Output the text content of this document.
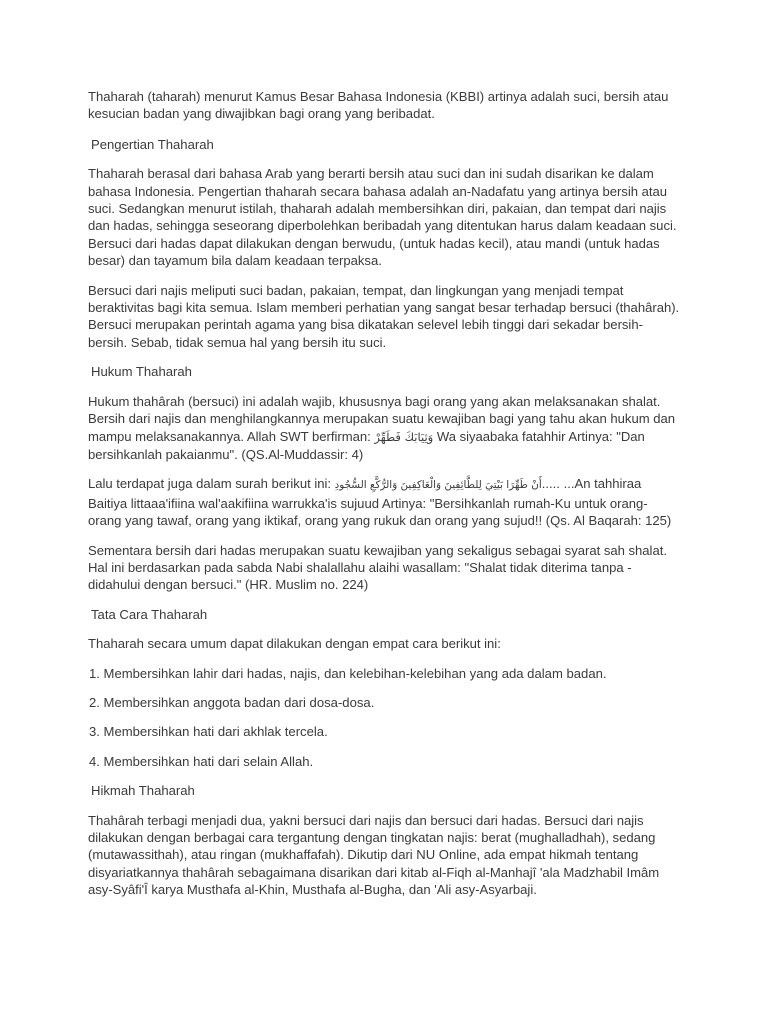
Thaharah (taharah) menurut Kamus Besar Bahasa Indonesia (KBBI) artinya adalah suci, bersih atau kesucian badan yang diwajibkan bagi orang yang beribadat.

Pengertian Thaharah

Thaharah berasal dari bahasa Arab yang berarti bersih atau suci dan ini sudah disarikan ke dalam bahasa Indonesia. Pengertian thaharah secara bahasa adalah an-Nadafatu yang artinya bersih atau suci. Sedangkan menurut istilah, thaharah adalah membersihkan diri, pakaian, dan tempat dari najis dan hadas, sehingga seseorang diperbolehkan beribadah yang ditentukan harus dalam keadaan suci. Bersuci dari hadas dapat dilakukan dengan berwudu, (untuk hadas kecil), atau mandi (untuk hadas besar) dan tayamum bila dalam keadaan terpaksa.

Bersuci dari najis meliputi suci badan, pakaian, tempat, dan lingkungan yang menjadi tempat beraktivitas bagi kita semua. Islam memberi perhatian yang sangat besar terhadap bersuci (thahârah). Bersuci merupakan perintah agama yang bisa dikatakan selevel lebih tinggi dari sekadar bersih-bersih. Sebab, tidak semua hal yang bersih itu suci.

Hukum Thaharah

Hukum thahârah (bersuci) ini adalah wajib, khususnya bagi orang yang akan melaksanakan shalat. Bersih dari najis dan menghilangkannya merupakan suatu kewajiban bagi yang tahu akan hukum dan mampu melaksanakannya. Allah SWT berfirman: وَثِيَابَكَ فَطَهِّرْ Wa siyaabaka fatahhir Artinya: "Dan bersihkanlah pakaianmu". (QS.Al-Muddassir: 4)

Lalu terdapat juga dalam surah berikut ini: أَنْ طَهِّرَا بَيْتِيَ لِلطَّائِفِينَ وَالْعَاكِفِينَ وَالرُّكَّعِ السُّجُودِ..... ...An tahhiraa Baitiya littaaa'ifiina wal'aakifiina warrukka'is sujuud Artinya: "Bersihkanlah rumah-Ku untuk orang-orang yang tawaf, orang yang iktikaf, orang yang rukuk dan orang yang sujud!! (Qs. Al Baqarah: 125)

Sementara bersih dari hadas merupakan suatu kewajiban yang sekaligus sebagai syarat sah shalat. Hal ini berdasarkan pada sabda Nabi shalallahu alaihi wasallam: "Shalat tidak diterima tanpa -didahului dengan bersuci." (HR. Muslim no. 224)

Tata Cara Thaharah

Thaharah secara umum dapat dilakukan dengan empat cara berikut ini:

1. Membersihkan lahir dari hadas, najis, dan kelebihan-kelebihan yang ada dalam badan.

2. Membersihkan anggota badan dari dosa-dosa.

3. Membersihkan hati dari akhlak tercela.

4. Membersihkan hati dari selain Allah.

Hikmah Thaharah

Thahârah terbagi menjadi dua, yakni bersuci dari najis dan bersuci dari hadas. Bersuci dari najis dilakukan dengan berbagai cara tergantung dengan tingkatan najis: berat (mughalladhah), sedang (mutawassithah), atau ringan (mukhaffafah). Dikutip dari NU Online, ada empat hikmah tentang disyariatkannya thahârah sebagaimana disarikan dari kitab al-Fiqh al-Manhajî 'ala Madzhabil Imâm asy-Syâfi'Î karya Musthafa al-Khin, Musthafa al-Bugha, dan 'Ali asy-Asyarbaji.
